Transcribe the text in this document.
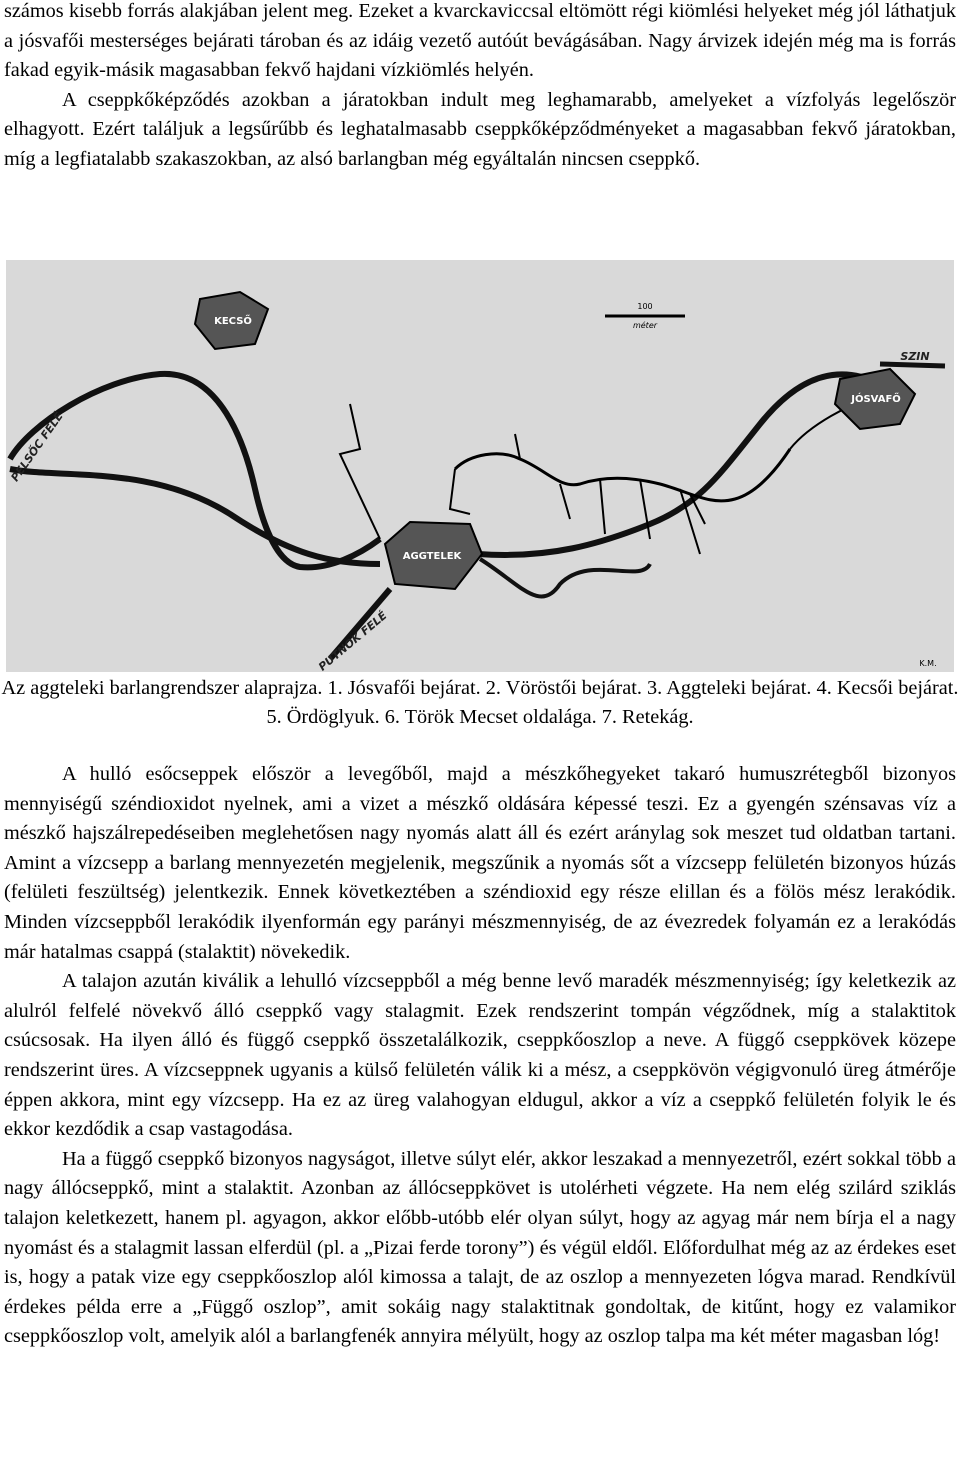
számos kisebb forrás alakjában jelent meg. Ezeket a kvarckaviccsal eltömött régi kiömlési helyeket még jól láthatjuk a jósvafői mesterséges bejárati tároban és az idáig vezető autóút bevágásában. Nagy árvizek idején még ma is forrás fakad egyik-másik magasabban fekvő hajdani vízkiömlés helyén.

A cseppkőképződés azokban a járatokban indult meg leghamarabb, amelyeket a vízfolyás legelőször elhagyott. Ezért találjuk a legsűrűbb és leghatalmasabb cseppkőképződményeket a magasabban fekvő járatokban, míg a legfiatalabb szakaszokban, az alsó barlangban még egyáltalán nincsen cseppkő.

KECSŐ
JÓSVAFŐ
AGGTELEK
PELSŐC FELÉ
PUTNOK FELÉ
SZIN
100
méter
K.M.

Az aggteleki barlangrendszer alaprajza. 1. Jósvafői bejárat. 2. Vöröstői bejárat. 3. Aggteleki bejárat. 4. Kecsői bejárat. 5. Ördöglyuk. 6. Török Mecset oldalága. 7. Retekág.

A hulló esőcseppek először a levegőből, majd a mészkőhegyeket takaró humuszrétegből bizonyos mennyiségű széndioxidot nyelnek, ami a vizet a mészkő oldására képessé teszi. Ez a gyengén szénsavas víz a mészkő hajszálrepedéseiben meglehetősen nagy nyomás alatt áll és ezért aránylag sok meszet tud oldatban tartani. Amint a vízcsepp a barlang mennyezetén megjelenik, megszűnik a nyomás sőt a vízcsepp felületén bizonyos húzás (felületi feszültség) jelentkezik. Ennek következtében a széndioxid egy része elillan és a fölös mész lerakódik. Minden vízcseppből lerakódik ilyenformán egy parányi mészmennyiség, de az évezredek folyamán ez a lerakódás már hatalmas csappá (stalaktit) növekedik.

A talajon azután kiválik a lehulló vízcseppből a még benne levő maradék mészmennyiség; így keletkezik az alulról felfelé növekvő álló cseppkő vagy stalagmit. Ezek rendszerint tompán végződnek, míg a stalaktitok csúcsosak. Ha ilyen álló és függő cseppkő összetalálkozik, cseppkőoszlop a neve. A függő cseppkövek közepe rendszerint üres. A vízcseppnek ugyanis a külső felületén válik ki a mész, a cseppkövön végigvonuló üreg átmérője éppen akkora, mint egy vízcsepp. Ha ez az üreg valahogyan eldugul, akkor a víz a cseppkő felületén folyik le és ekkor kezdődik a csap vastagodása.

Ha a függő cseppkő bizonyos nagyságot, illetve súlyt elér, akkor leszakad a mennyezetről, ezért sokkal több a nagy állócseppkő, mint a stalaktit. Azonban az állócseppkövet is utolérheti végzete. Ha nem elég szilárd sziklás talajon keletkezett, hanem pl. agyagon, akkor előbb-utóbb elér olyan súlyt, hogy az agyag már nem bírja el a nagy nyomást és a stalagmit lassan elferdül (pl. a „Pizai ferde torony”) és végül eldől. Előfordulhat még az az érdekes eset is, hogy a patak vize egy cseppkőoszlop alól kimossa a talajt, de az oszlop a mennyezeten lógva marad. Rendkívül érdekes példa erre a „Függő oszlop”, amit sokáig nagy stalaktitnak gondoltak, de kitűnt, hogy ez valamikor cseppkőoszlop volt, amelyik alól a barlangfenék annyira mélyült, hogy az oszlop talpa ma két méter magasban lóg!
